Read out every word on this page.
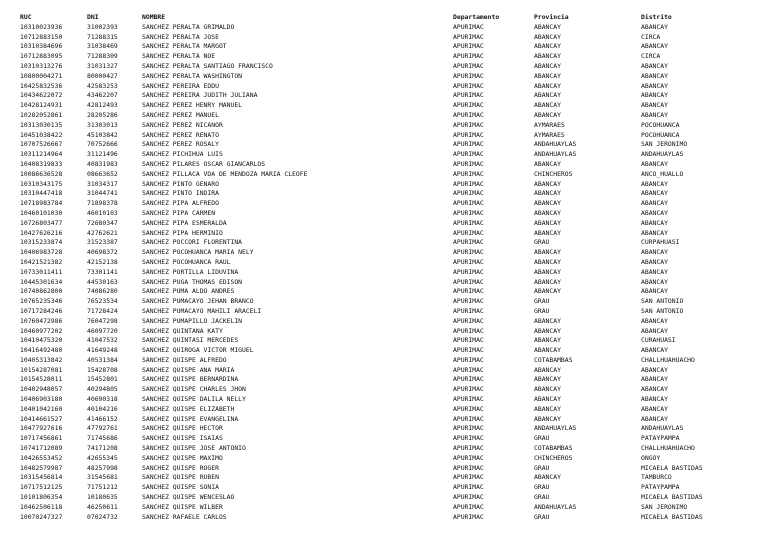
RUC	DNI	NOMBRE	Departamento	Provincia	Distrito
10310023936	31002393	SANCHEZ PERALTA GRIMALDO	APURIMAC	ABANCAY	ABANCAY
10712883150	71288315	SANCHEZ PERALTA JOSE	APURIMAC	ABANCAY	CIRCA
10310384696	31038469	SANCHEZ PERALTA MARGOT	APURIMAC	ABANCAY	ABANCAY
10712883095	71288309	SANCHEZ PERALTA NOE	APURIMAC	ABANCAY	CIRCA
10310313276	31031327	SANCHEZ PERALTA SANTIAGO FRANCISCO	APURIMAC	ABANCAY	ABANCAY
10800004271	80000427	SANCHEZ PERALTA WASHINGTON	APURIMAC	ABANCAY	ABANCAY
10425832536	42583253	SANCHEZ PEREIRA EDDU	APURIMAC	ABANCAY	ABANCAY
10434622072	43462207	SANCHEZ PEREIRA JUDITH JULIANA	APURIMAC	ABANCAY	ABANCAY
10428124931	42812493	SANCHEZ PEREZ HENRY MANUEL	APURIMAC	ABANCAY	ABANCAY
10282052861	28205286	SANCHEZ PEREZ MANUEL	APURIMAC	ABANCAY	ABANCAY
10313030135	31303013	SANCHEZ PEREZ NICANOR	APURIMAC	AYMARAES	POCOHUANCA
10451038422	45103842	SANCHEZ PEREZ RENATO	APURIMAC	AYMARAES	POCOHUANCA
10707526667	70752666	SANCHEZ PEREZ ROSALY	APURIMAC	ANDAHUAYLAS	SAN JERONIMO
10311214964	31121496	SANCHEZ PICHIHUA LUIS	APURIMAC	ANDAHUAYLAS	ANDAHUAYLAS
10408319833	40831983	SANCHEZ PILARES OSCAR GIANCARLOS	APURIMAC	ABANCAY	ABANCAY
10086636528	08663652	SANCHEZ PILLACA VDA DE MENDOZA MARIA CLEOFE	APURIMAC	CHINCHEROS	ANCO_HUALLO
10310343175	31034317	SANCHEZ PINTO GENARO	APURIMAC	ABANCAY	ABANCAY
10310447418	31044741	SANCHEZ PINTO INDIRA	APURIMAC	ABANCAY	ABANCAY
10718983784	71898378	SANCHEZ PIPA ALFREDO	APURIMAC	ABANCAY	ABANCAY
10460101030	46010103	SANCHEZ PIPA CARMEN	APURIMAC	ABANCAY	ABANCAY
10726803477	72680347	SANCHEZ PIPA ESMERALDA	APURIMAC	ABANCAY	ABANCAY
10427626216	42762621	SANCHEZ PIPA HERMINIO	APURIMAC	ABANCAY	ABANCAY
10315233874	31523387	SANCHEZ POCCORI FLORENTINA	APURIMAC	GRAU	CURPAHUASI
10406983728	40698372	SANCHEZ POCOHUANCA MARIA NELY	APURIMAC	ABANCAY	ABANCAY
10421521382	42152138	SANCHEZ POCOHUANCA RAUL	APURIMAC	ABANCAY	ABANCAY
10733011411	73301141	SANCHEZ PORTILLA LIDUVINA	APURIMAC	ABANCAY	ABANCAY
10445301634	44530163	SANCHEZ PUGA THOMAS EDISON	APURIMAC	ABANCAY	ABANCAY
10740862800	74086280	SANCHEZ PUMA ALDO ANDRES	APURIMAC	ABANCAY	ABANCAY
10765235346	76523534	SANCHEZ PUMACAYO JEHAN BRANCO	APURIMAC	GRAU	SAN ANTONIO
10717284246	71728424	SANCHEZ PUMACAYO MAHILI ARACELI	APURIMAC	GRAU	SAN ANTONIO
10760472986	76047298	SANCHEZ PUMAPILLO JACKELIN	APURIMAC	ABANCAY	ABANCAY
10460977202	46097720	SANCHEZ QUINTANA KATY	APURIMAC	ABANCAY	ABANCAY
10410475320	41047532	SANCHEZ QUINTASI MERCEDES	APURIMAC	ABANCAY	CURAHUASI
10416492480	41649248	SANCHEZ QUIROGA VICTOR MIGUEL	APURIMAC	ABANCAY	ABANCAY
10405313842	40531384	SANCHEZ QUISPE ALFREDO	APURIMAC	COTABAMBAS	CHALLHUAHUACHO
10154287081	15428708	SANCHEZ QUISPE ANA MARIA	APURIMAC	ABANCAY	ABANCAY
10154528011	15452801	SANCHEZ QUISPE BERNARDINA	APURIMAC	ABANCAY	ABANCAY
10402948057	40294805	SANCHEZ QUISPE CHARLES JHON	APURIMAC	ABANCAY	ABANCAY
10406903180	40690318	SANCHEZ QUISPE DALILA NELLY	APURIMAC	ABANCAY	ABANCAY
10401042160	40104216	SANCHEZ QUISPE ELIZABETH	APURIMAC	ABANCAY	ABANCAY
10414661527	41466152	SANCHEZ QUISPE EVANGELINA	APURIMAC	ABANCAY	ABANCAY
10477927616	47792761	SANCHEZ QUISPE HECTOR	APURIMAC	ANDAHUAYLAS	ANDAHUAYLAS
10717456861	71745686	SANCHEZ QUISPE ISAIAS	APURIMAC	GRAU	PATAYPAMPA
10741712089	74171208	SANCHEZ QUISPE JOSE ANTONIO	APURIMAC	COTABAMBAS	CHALLHUAHUACHO
10426553452	42655345	SANCHEZ QUISPE MAXIMO	APURIMAC	CHINCHEROS	ONGOY
10482579987	48257998	SANCHEZ QUISPE ROGER	APURIMAC	GRAU	MICAELA BASTIDAS
10315456814	31545681	SANCHEZ QUISPE RUBEN	APURIMAC	ABANCAY	TAMBURCO
10717512125	71751212	SANCHEZ QUISPE SONIA	APURIMAC	GRAU	PATAYPAMPA
10101806354	10180635	SANCHEZ QUISPE WENCESLAO	APURIMAC	GRAU	MICAELA BASTIDAS
10462506118	46250611	SANCHEZ QUISPE WILBER	APURIMAC	ANDAHUAYLAS	SAN JERONIMO
10070247327	07024732	SANCHEZ RAFAELE CARLOS	APURIMAC	GRAU	MICAELA BASTIDAS
